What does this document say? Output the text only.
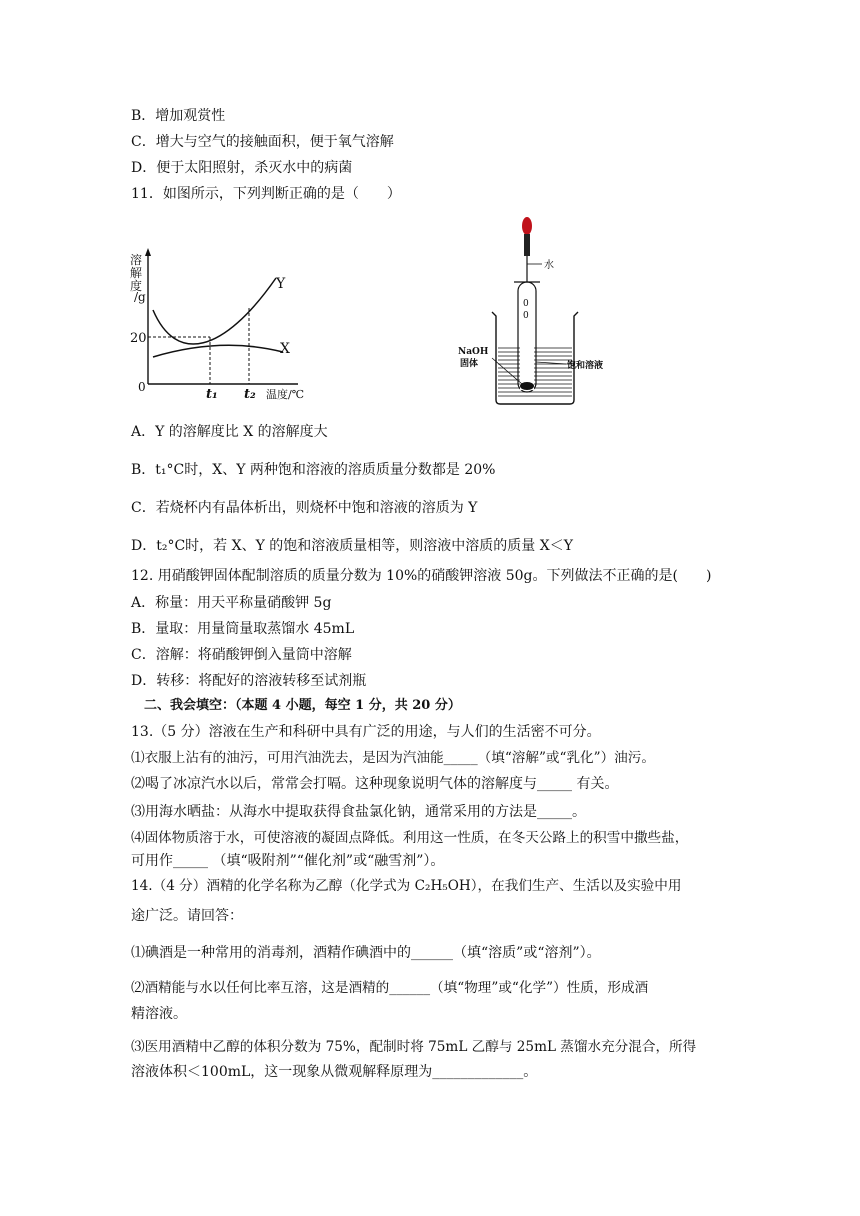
B．增加观赏性
C．增大与空气的接触面积，便于氧气溶解
D．便于太阳照射，杀灭水中的病菌
11．如图所示，下列判断正确的是（　　）
溶
解
度
/g
0
20
Y
X
t₁ t₂ 温度/℃
水
0
0
NaOH
固体	饱和溶液
A．Y 的溶解度比 X 的溶解度大
B．t₁°C时，X、Y 两种饱和溶液的溶质质量分数都是 20%
C．若烧杯内有晶体析出，则烧杯中饱和溶液的溶质为 Y
D．t₂°C时，若 X、Y 的饱和溶液质量相等，则溶液中溶质的质量 X＜Y
12. 用硝酸钾固体配制溶质的质量分数为 10%的硝酸钾溶液 50g。下列做法不正确的是(　　)
A．称量：用天平称量硝酸钾 5g
B．量取：用量筒量取蒸馏水 45mL
C．溶解：将硝酸钾倒入量筒中溶解
D．转移：将配好的溶液转移至试剂瓶
　二、我会填空：（本题 4 小题，每空 1 分，共 20 分）
13.（5 分）溶液在生产和科研中具有广泛的用途，与人们的生活密不可分。
⑴衣服上沾有的油污，可用汽油洗去，是因为汽油能_____（填“溶解”或“乳化”）油污。
⑵喝了冰凉汽水以后，常常会打嗝。这种现象说明气体的溶解度与_____ 有关。
⑶用海水晒盐：从海水中提取获得食盐氯化钠，通常采用的方法是_____。
⑷固体物质溶于水，可使溶液的凝固点降低。利用这一性质，在冬天公路上的积雪中撒些盐，
可用作_____ （填“吸附剂”“催化剂”或“融雪剂”）。
14.（4 分）酒精的化学名称为乙醇（化学式为 C₂H₅OH），在我们生产、生活以及实验中用
途广泛。请回答：
⑴碘酒是一种常用的消毒剂，酒精作碘酒中的______（填“溶质”或“溶剂”）。
⑵酒精能与水以任何比率互溶，这是酒精的______（填“物理”或“化学”）性质，形成酒
精溶液。
⑶医用酒精中乙醇的体积分数为 75%，配制时将 75mL 乙醇与 25mL 蒸馏水充分混合，所得
溶液体积＜100mL，这一现象从微观解释原理为_____________。
